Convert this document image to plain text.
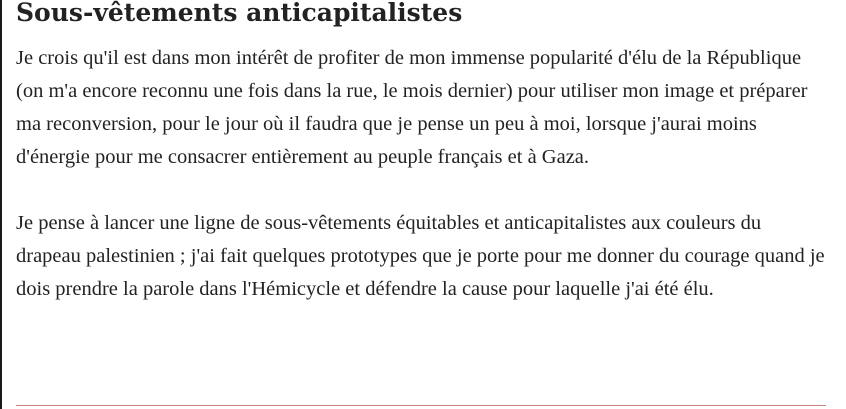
Sous-vêtements anticapitalistes

Je crois qu'il est dans mon intérêt de profiter de mon immense popularité d'élu de la République (on m'a encore reconnu une fois dans la rue, le mois dernier) pour utiliser mon image et préparer ma reconversion, pour le jour où il faudra que je pense un peu à moi, lorsque j'aurai moins d'énergie pour me consacrer entièrement au peuple français et à Gaza.

Je pense à lancer une ligne de sous-vêtements équitables et anticapitalistes aux couleurs du drapeau palestinien ; j'ai fait quelques prototypes que je porte pour me donner du courage quand je dois prendre la parole dans l'Hémicycle et défendre la cause pour laquelle j'ai été élu.
